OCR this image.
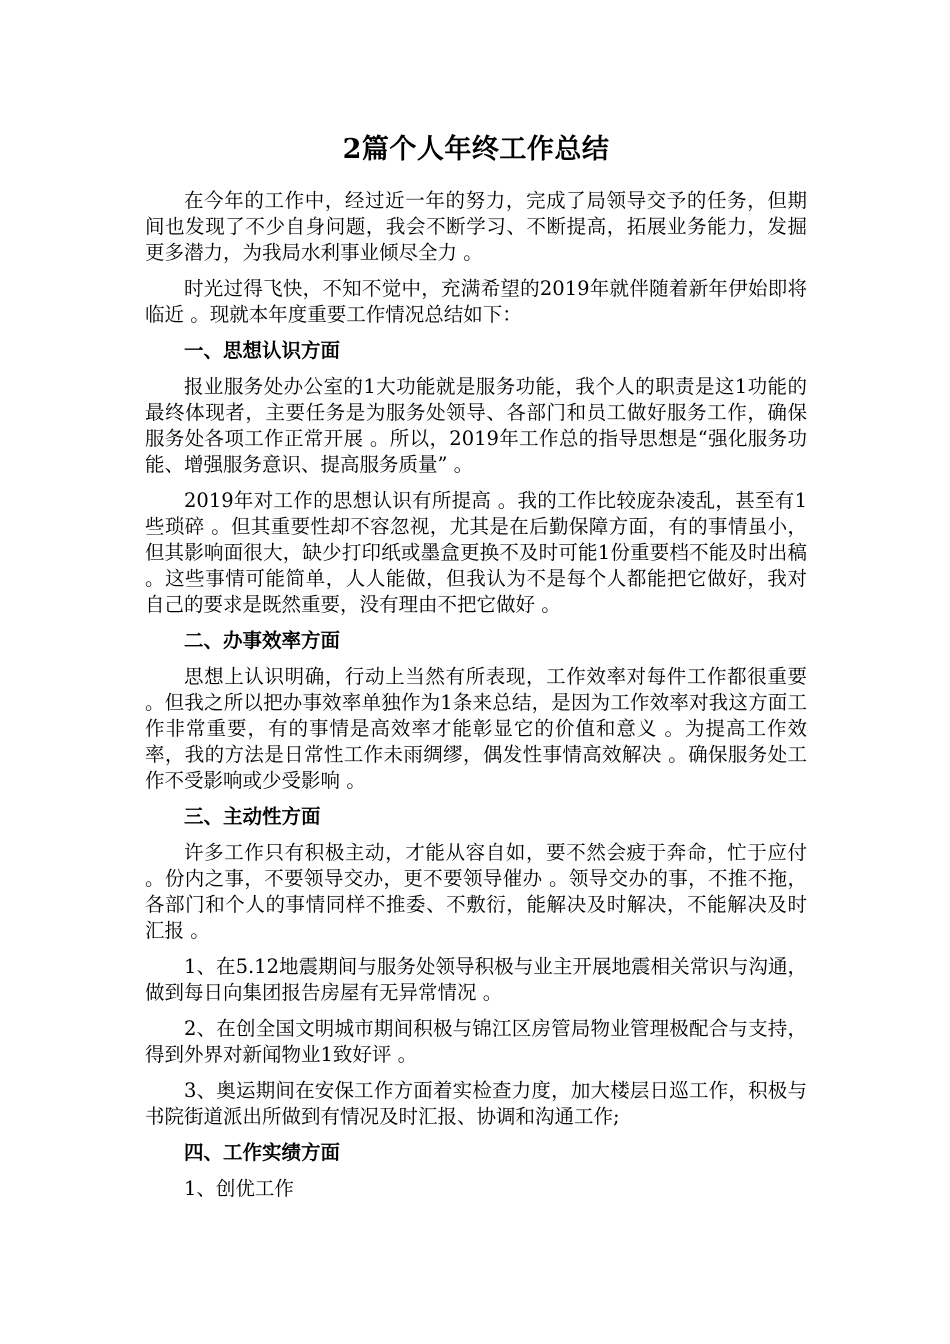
2篇个人年终工作总结

在今年的工作中，经过近一年的努力，完成了局领导交予的任务，但期间也发现了不少自身问题，我会不断学习、不断提高，拓展业务能力，发掘更多潜力，为我局水利事业倾尽全力 。

时光过得飞快，不知不觉中，充满希望的2019年就伴随着新年伊始即将临近 。现就本年度重要工作情况总结如下：

一、思想认识方面

报业服务处办公室的1大功能就是服务功能，我个人的职责是这1功能的最终体现者，主要任务是为服务处领导、各部门和员工做好服务工作，确保服务处各项工作正常开展 。所以，2019年工作总的指导思想是“强化服务功能、增强服务意识、提高服务质量” 。

2019年对工作的思想认识有所提高 。我的工作比较庞杂凌乱，甚至有1些琐碎 。但其重要性却不容忽视，尤其是在后勤保障方面，有的事情虽小，但其影响面很大，缺少打印纸或墨盒更换不及时可能1份重要档不能及时出稿 。这些事情可能简单，人人能做，但我认为不是每个人都能把它做好，我对自己的要求是既然重要，没有理由不把它做好 。

二、办事效率方面

思想上认识明确，行动上当然有所表现，工作效率对每件工作都很重要 。但我之所以把办事效率单独作为1条来总结，是因为工作效率对我这方面工作非常重要，有的事情是高效率才能彰显它的价值和意义 。为提高工作效率，我的方法是日常性工作未雨绸缪，偶发性事情高效解决 。确保服务处工作不受影响或少受影响 。

三、主动性方面

许多工作只有积极主动，才能从容自如，要不然会疲于奔命，忙于应付 。份内之事，不要领导交办，更不要领导催办 。领导交办的事，不推不拖，各部门和个人的事情同样不推委、不敷衍，能解决及时解决，不能解决及时汇报 。

1、在5.12地震期间与服务处领导积极与业主开展地震相关常识与沟通，做到每日向集团报告房屋有无异常情况 。

2、在创全国文明城市期间积极与锦江区房管局物业管理极配合与支持，得到外界对新闻物业1致好评 。

3、奥运期间在安保工作方面着实检查力度，加大楼层日巡工作，积极与书院街道派出所做到有情况及时汇报、协调和沟通工作;

四、工作实绩方面

1、创优工作
